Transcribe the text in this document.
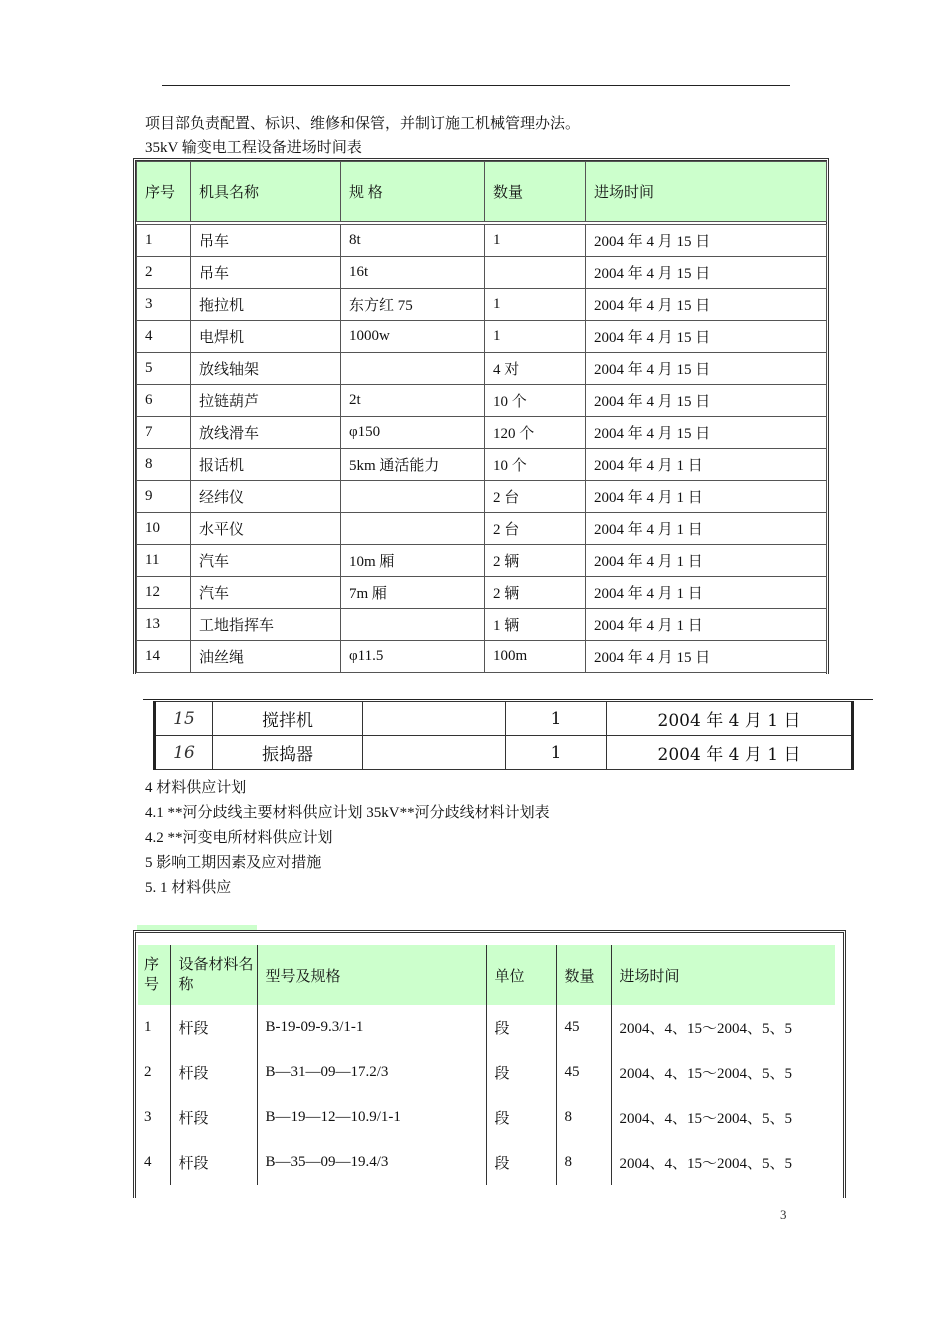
项目部负责配置、标识、维修和保管，并制订施工机械管理办法。
35kV 输变电工程设备进场时间表
序号	机具名称	规 格	数量	进场时间

1	吊车	8t	1	2004 年 4 月 15 日
2	吊车	16t		2004 年 4 月 15 日
3	拖拉机	东方红 75	1	2004 年 4 月 15 日
4	电焊机	1000w	1	2004 年 4 月 15 日
5	放线轴架		4 对	2004 年 4 月 15 日
6	拉链葫芦	2t	10 个	2004 年 4 月 15 日
7	放线滑车	φ150	120 个	2004 年 4 月 15 日
8	报话机	5km 通活能力	10 个	2004 年 4 月 1 日
9	经纬仪		2 台	2004 年 4 月 1 日
10	水平仪		2 台	2004 年 4 月 1 日
11	汽车	10m 厢	2 辆	2004 年 4 月 1 日
12	汽车	7m 厢	2 辆	2004 年 4 月 1 日
13	工地指挥车		1 辆	2004 年 4 月 1 日
14	油丝绳	φ11.5	100m	2004 年 4 月 15 日
15	搅拌机		1	2004 年 4 月 1 日
16	振捣器		1	2004 年 4 月 1 日
4 材料供应计划
4.1 **河分歧线主要材料供应计划 35kV**河分歧线材料计划表
4.2 **河变电所材料供应计划
5 影响工期因素及应对措施
5. 1 材料供应
序号	设备材料名称	型号及规格	单位	数量	进场时间
1	杆段	B-19-09-9.3/1-1	段	45	2004、4、15～2004、5、5
2	杆段	B—31—09—17.2/3	段	45	2004、4、15～2004、5、5
3	杆段	B—19—12—10.9/1-1	段	8	2004、4、15～2004、5、5
4	杆段	B—35—09—19.4/3	段	8	2004、4、15～2004、5、5
3
